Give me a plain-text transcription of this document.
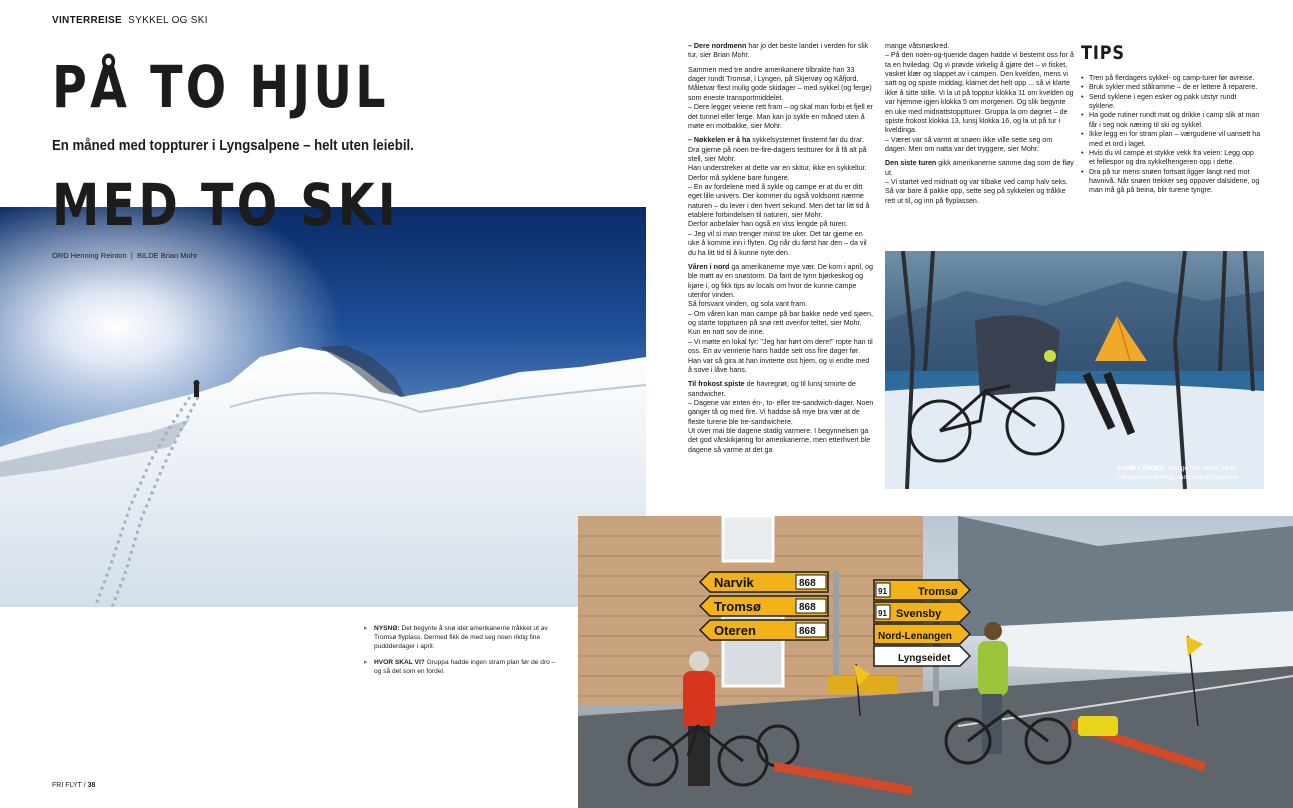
VINTERREISE SYKKEL OG SKI
PÅ TO HJUL
En måned med toppturer i Lyngsalpene – helt uten leiebil.
MED TO SKI
ORD Henning Reinton | BILDE Brian Mohr

▸ NYSNØ: Det begynte å snø idet amerikanerne tråkket ut av Tromsø flyplass. Dermed fikk de med seg noen riktig fine puddderdager i april.

▸ HVOR SKAL VI? Gruppa hadde ingen stram plan før de dro – og så det som en fordel.

– Dere nordmenn har jo det beste landet i verden for slik tur, sier Brian Mohr.

Sammen med tre andre amerikanere tilbrakte han 33 dager rundt Tromsø, i Lyngen, på Skjervøy og Kåfjord. Måletvar flest mulig gode skidager – med sykkel (og ferge) som eneste transportmiddelet.

– Dere legger veiene rett fram – og skal man forbi et fjell er det tunnel eller ferge. Man kan jo sykle en måned uten å møte en motbakke, sier Mohr.

– Nøkkelen er å ha sykkelsystemet finstemt før du drar. Dra gjerne på noen tre-fire-dagers testturer for å få alt på stell, sier Mohr.

Han understreker at dette var en skitur, ikke en sykkeltur. Derfor må syklene bare fungere.

– En av fordelene med å sykle og campe er at du er ditt eget lille univers. Der kommer du også voldsomt nærme naturen – du lever i den hvert sekund. Men det tar litt tid å etablere forbindelsen til naturen, sier Mohr.

Derfor anbefaler han også en viss lengde på turen.

– Jeg vil si man trenger minst tre uker. Det tar gjerne en uke å komme inn i flyten. Og når du først har den – da vil du ha litt tid til å kunne nyte den.

Våren i nord ga amerikanerne mye vær. De kom i april, og ble møtt av en snøstorm. Da fant de tynn bjørkeskog og kjøre i, og fikk tips av locals om hvor de kunne campe utenfor vinden.

Så forsvant vinden, og sola vant fram.

– Om våren kan man campe på bar bakke nede ved sjøen, og starte toppturen på snø rett ovenfor teltet, sier Mohr.

Kun en natt sov de inne.

– Vi møtte en lokal fyr: "Jeg har hørt om dere!" ropte han til oss. En av vennene hans hadde sett oss fire dager før. Han var så gira at han inviterte oss hjem, og vi endte med å sove i låve hans.

Til frokost spiste de havregrøt, og til lunsj smurte de sandwicher.

– Dagene var enten én-, to- eller tre-sandwich-dager. Noen ganger tå og med fire. Vi haddse så mye bra vær at de fleste turene ble tre-sandwichere.

Ut over mai ble dagene stadig varmere. I begynnelsen ga det god vårskikjøring for amerikanerne, men etterhvert ble dagene så varme at det ga

mange våtsnøskred.

– På den noen-og-tjuende dagen hadde vi bestemt oss for å ta en hviledag. Og vi prøvde virkelig å gjøre det – vi fisket, vasket klær og slappet av i campen. Den kvelden, mens vi satt og og spiste middag, klarnet det helt opp ... så vi klarte ikke å sitte stille. Vi la ut på topptur klokka 11 om kvelden og var hjemme igjen klokka 5 om morgenen. Og slik begynte en uke med midnattstopptturer. Gruppa la om døgnet – de spiste frokost klokka 13, lunsj klokka 16, og la ut på tur i kveldinga.

– Været var så varmt at snøen ikke ville sette seg om dagen. Men om natta var det tryggere, sier Mohr.

Den siste turen gikk amerikanerne samme dag som de fløy ut.

– Vi startet ved midnatt og var tilbake ved camp halv seks. Så var bare å pakke opp, sette seg på sykkelen og tråkke rett ut til, og inn på flyplassen.

TIPS
• Tren på flerdagers sykkel- og camp-turer før avreise.
• Bruk sykler med stålramme – de er lettere å reparere.
• Send syklene i egen esker og pakk utstyr rundt syklene.
• Ha gode rutiner rundt mat og drikke i camp slik at man får i seg nok næring til ski og sykkel.
• Ikke legg en for stram plan – værgudene vil uansett ha med et ord i laget.
• Hvis du vil campe et stykke vekk fra veien: Legg opp et fellespor og dra sykkelhengeren opp i dette.
• Dra på tur mens snøen fortsatt ligger langt ned mot havnivå. Når snøen trekker seg oppover dalsidene, og man må gå på beina, blir turene tyngre.
CAMP LYNGEN: Mange fine netter på en måned med sykling, camping og toppturer.
Narvik
Tromsø
Oteren
868
868
868
91
91
Tromsø
Svensby
Nord-Lenangen
Lyngseidet
FRI FLYT / 38
